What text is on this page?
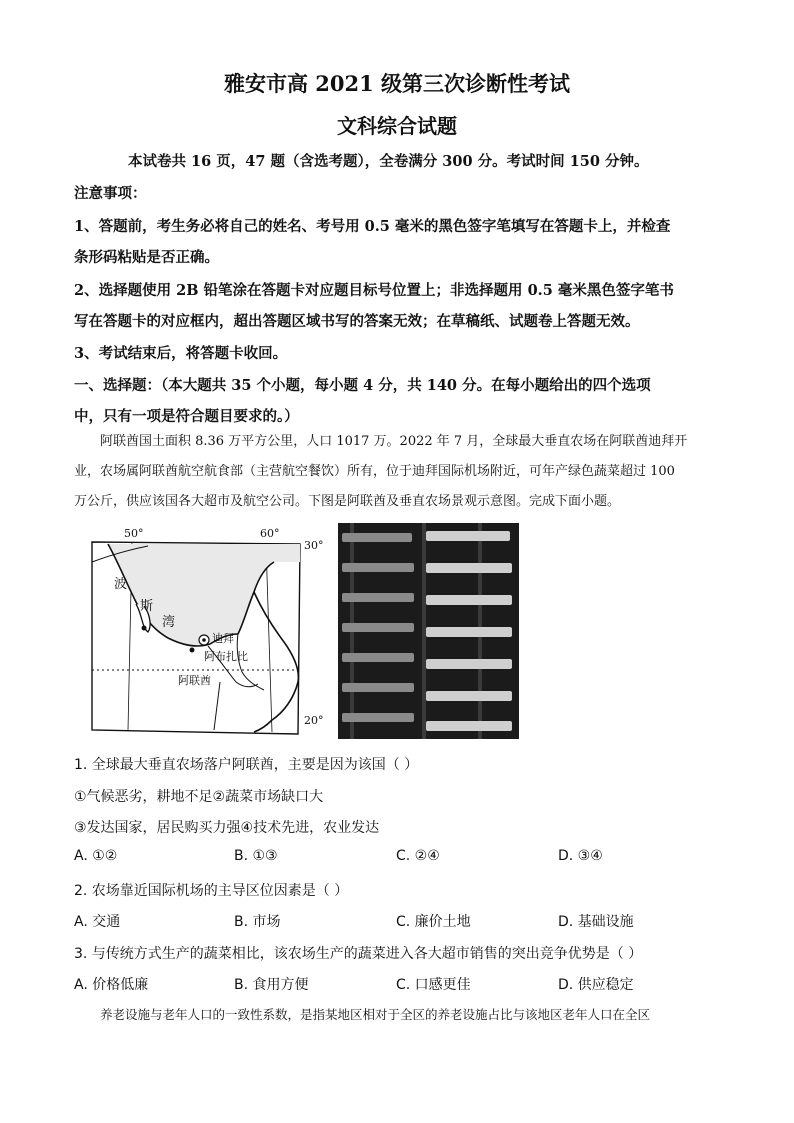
雅安市高 2021 级第三次诊断性考试
文科综合试题
本试卷共 16 页，47 题（含选考题），全卷满分 300 分。考试时间 150 分钟。
注意事项：
1、答题前，考生务必将自己的姓名、考号用 0.5 毫米的黑色签字笔填写在答题卡上，并检查
条形码粘贴是否正确。
2、选择题使用 2B 铅笔涂在答题卡对应题目标号位置上；非选择题用 0.5 毫米黑色签字笔书
写在答题卡的对应框内，超出答题区域书写的答案无效；在草稿纸、试题卷上答题无效。
3、考试结束后，将答题卡收回。
一、选择题：（本大题共 35 个小题，每小题 4 分，共 140 分。在每小题给出的四个选项
中，只有一项是符合题目要求的。）

阿联酋国土面积 8.36 万平方公里，人口 1017 万。2022 年 7 月，全球最大垂直农场在阿联酋迪拜开

业，农场属阿联酋航空航食部（主营航空餐饮）所有，位于迪拜国际机场附近，可年产绿色蔬菜超过 100

万公斤，供应该国各大超市及航空公司。下图是阿联酋及垂直农场景观示意图。完成下面小题。

50°	60°
30°
20°
波
斯
湾
迪拜
阿布扎比
阿联酋
1. 全球最大垂直农场落户阿联酋，主要是因为该国（ ）
①气候恶劣，耕地不足②蔬菜市场缺口大
③发达国家，居民购买力强④技术先进，农业发达
A. ①②	B. ①③	C. ②④	D. ③④
2. 农场靠近国际机场的主导区位因素是（ ）
A. 交通	B. 市场	C. 廉价土地	D. 基础设施
3. 与传统方式生产的蔬菜相比，该农场生产的蔬菜进入各大超市销售的突出竞争优势是（ ）
A. 价格低廉	B. 食用方便	C. 口感更佳	D. 供应稳定
养老设施与老年人口的一致性系数，是指某地区相对于全区的养老设施占比与该地区老年人口在全区
